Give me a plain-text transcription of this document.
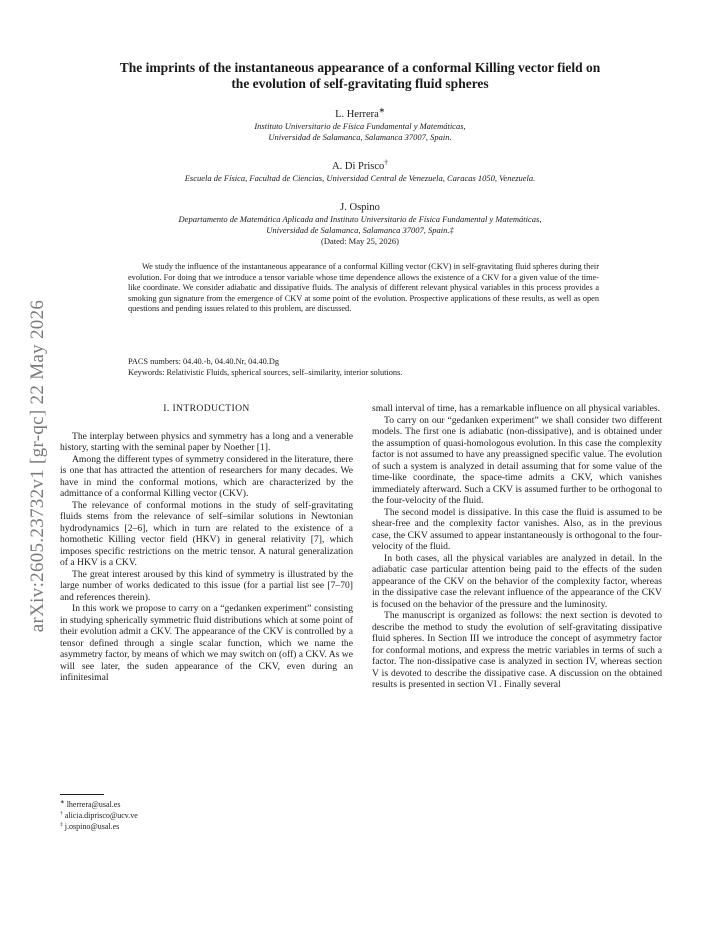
arXiv:2605.23732v1 [gr-qc] 22 May 2026
The imprints of the instantaneous appearance of a conformal Killing vector field on
the evolution of self-gravitating fluid spheres
L. Herrera∗
Instituto Universitario de Física Fundamental y Matemáticas,
Universidad de Salamanca, Salamanca 37007, Spain.
A. Di Prisco†
Escuela de Física, Facultad de Ciencias, Universidad Central de Venezuela, Caracas 1050, Venezuela.
J. Ospino
Departamento de Matemática Aplicada and Instituto Universitario de Física Fundamental y Matemáticas,
Universidad de Salamanca, Salamanca 37007, Spain.‡
(Dated: May 25, 2026)

We study the influence of the instantaneous appearance of a conformal Killing vector (CKV) in self-gravitating fluid spheres during their evolution. For doing that we introduce a tensor variable whose time dependence allows the existence of a CKV for a given value of the time-like coordinate. We consider adiabatic and dissipative fluids. The analysis of different relevant physical variables in this process provides a smoking gun signature from the emergence of CKV at some point of the evolution. Prospective applications of these results, as well as open questions and pending issues related to this problem, are discussed.

PACS numbers: 04.40.-b, 04.40.Nr, 04.40.Dg

Keywords: Relativistic Fluids, spherical sources, self–similarity, interior solutions.

I. INTRODUCTION

The interplay between physics and symmetry has a long and a venerable history, starting with the seminal paper by Noether [1].

Among the different types of symmetry considered in the literature, there is one that has attracted the attention of researchers for many decades. We have in mind the conformal motions, which are characterized by the admittance of a conformal Killing vector (CKV).

The relevance of conformal motions in the study of self-gravitating fluids stems from the relevance of self–similar solutions in Newtonian hydrodynamics [2–6], which in turn are related to the existence of a homothetic Killing vector field (HKV) in general relativity [7], which imposes specific restrictions on the metric tensor. A natural generalization of a HKV is a CKV.

The great interest aroused by this kind of symmetry is illustrated by the large number of works dedicated to this issue (for a partial list see [7–70] and references therein).

In this work we propose to carry on a “gedanken experiment” consisting in studying spherically symmetric fluid distributions which at some point of their evolution admit a CKV. The appearance of the CKV is controlled by a tensor defined through a single scalar function, which we name the asymmetry factor, by means of which we may switch on (off) a CKV. As we will see later, the suden appearance of the CKV, even during an infinitesimal

small interval of time, has a remarkable influence on all physical variables.

To carry on our “gedanken experiment” we shall consider two different models. The first one is adiabatic (non-dissipative), and is obtained under the assumption of quasi-homologous evolution. In this case the complexity factor is not assumed to have any preassigned specific value. The evolution of such a system is analyzed in detail assuming that for some value of the time-like coordinate, the space-time admits a CKV, which vanishes immediately afterward. Such a CKV is assumed further to be orthogonal to the four-velocity of the fluid.

The second model is dissipative. In this case the fluid is assumed to be shear-free and the complexity factor vanishes. Also, as in the previous case, the CKV assumed to appear instantaneously is orthogonal to the four-velocity of the fluid.

In both cases, all the physical variables are analyzed in detail. In the adiabatic case particular attention being paid to the effects of the suden appearance of the CKV on the behavior of the complexity factor, whereas in the dissipative case the relevant influence of the appearance of the CKV is focused on the behavior of the pressure and the luminosity.

The manuscript is organized as follows: the next section is devoted to describe the method to study the evolution of self-gravitating dissipative fluid spheres. In Section III we introduce the concept of asymmetry factor for conformal motions, and express the metric variables in terms of such a factor. The non-dissipative case is analyzed in section IV, whereas section V is devoted to describe the dissipative case. A discussion on the obtained results is presented in section VI . Finally several

∗ lherrera@usal.es
† alicia.diprisco@ucv.ve
‡ j.ospino@usal.es
